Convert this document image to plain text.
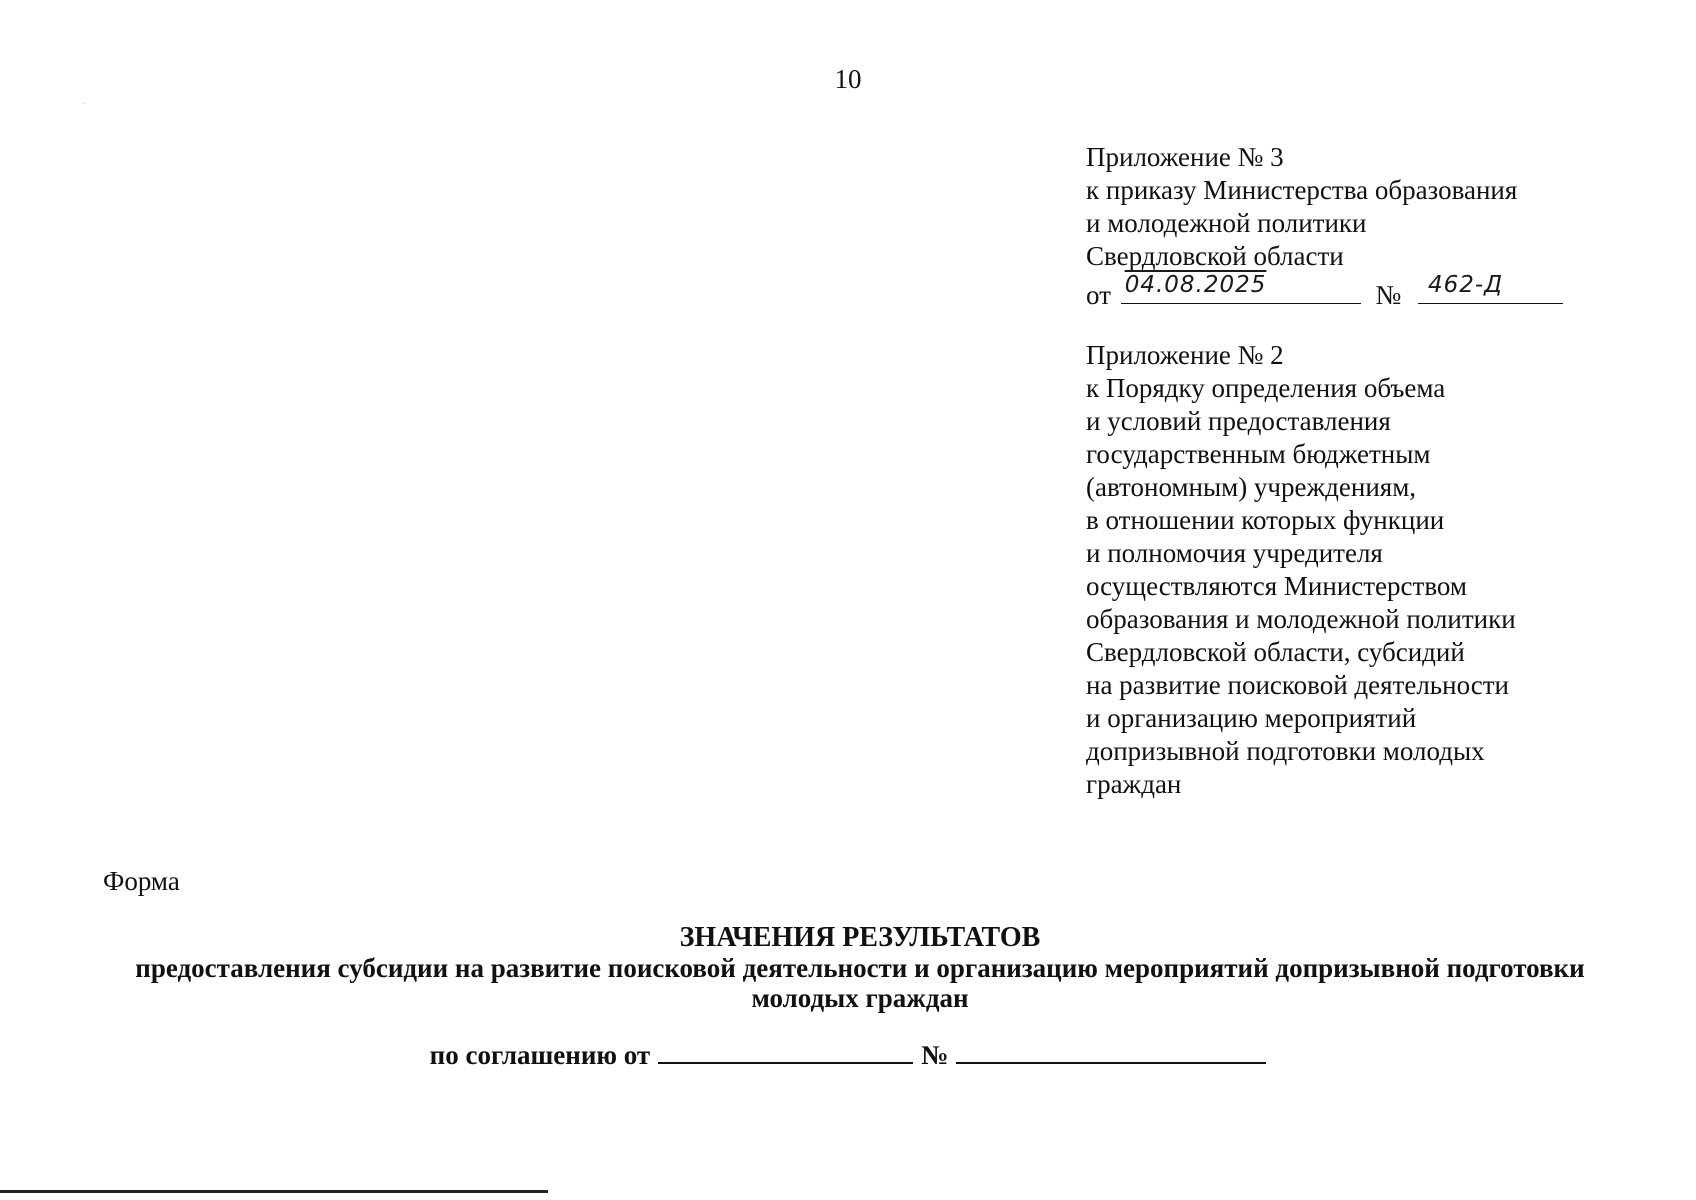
10
Приложение № 3
к приказу Министерства образования
и молодежной политики
Свердловской области
от 04.08.2025	№ 462-Д
Приложение № 2
к Порядку определения объема
и условий предоставления
государственным бюджетным
(автономным) учреждениям,
в отношении которых функции
и полномочия учредителя
осуществляются Министерством
образования и молодежной политики
Свердловской области, субсидий
на развитие поисковой деятельности
и организацию мероприятий
допризывной подготовки молодых
граждан
Форма
ЗНАЧЕНИЯ РЕЗУЛЬТАТОВ
предоставления субсидии на развитие поисковой деятельности и организацию мероприятий допризывной подготовки молодых граждан
по соглашению от	№
